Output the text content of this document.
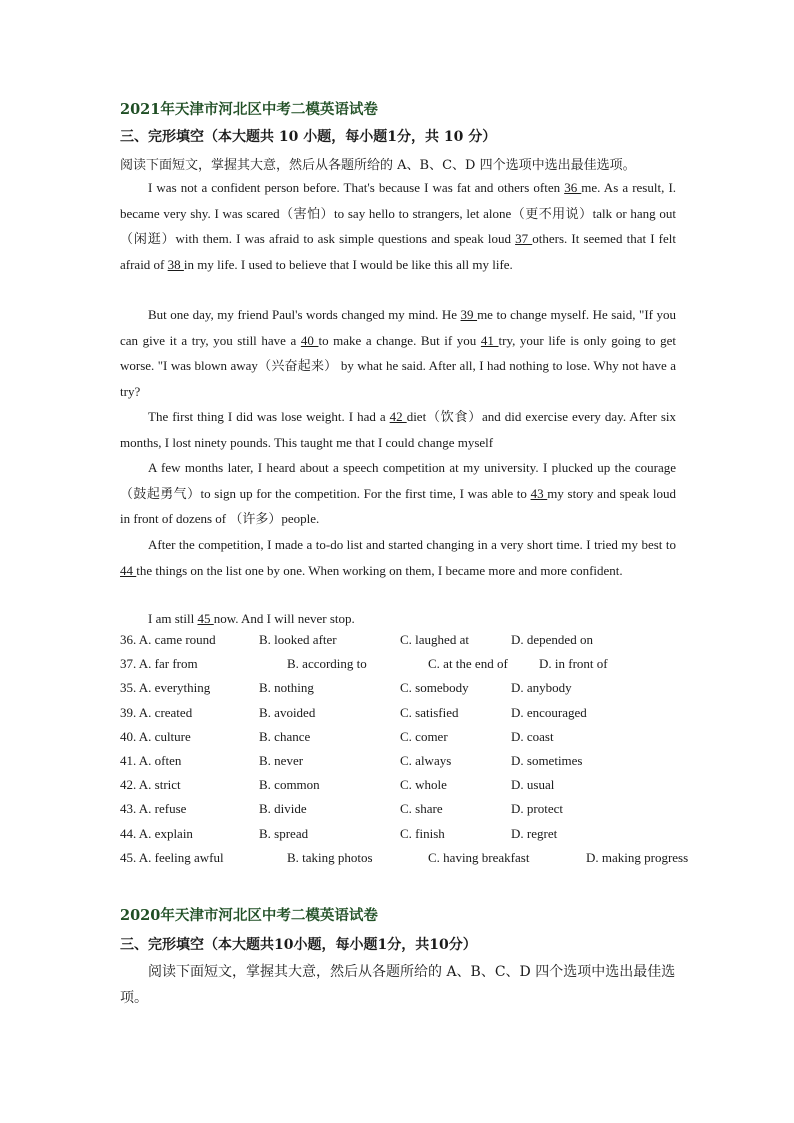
2021年天津市河北区中考二模英语试卷
三、完形填空（本大题共 10 小题，每小题1分，共 10 分）
阅读下面短文，掌握其大意，然后从各题所给的 A、B、C、D 四个选项中选出最佳选项。

I was not a confident person before. That's because I was fat and others often 36 me. As a result, I. became very shy. I was scared（害怕）to say hello to strangers, let alone（更不用说）talk or hang out（闲逛）with them. I was afraid to ask simple questions and speak loud 37 others. It seemed that I felt afraid of 38 in my life. I used to believe that I would be like this all my life.

But one day, my friend Paul's words changed my mind. He 39 me to change myself. He said, "If you can give it a try, you still have a 40 to make a change. But if you 41 try, your life is only going to get worse. "I was blown away（兴奋起来） by what he said. After all, I had nothing to lose. Why not have a try?

The first thing I did was lose weight. I had a 42 diet（饮食）and did exercise every day. After six months, I lost ninety pounds. This taught me that I could change myself

A few months later, I heard about a speech competition at my university. I plucked up the courage（鼓起勇气）to sign up for the competition. For the first time, I was able to 43 my story and speak loud in front of dozens of （许多）people.

After the competition, I made a to-do list and started changing in a very short time. I tried my best to 44 the things on the list one by one. When working on them, I became more and more confident.

I am still 45 now. And I will never stop.

36. A. came round	B. looked after	C. laughed at	D. depended on
37. A. far from	B. according to	C. at the end of D. in front of
35. A. everything	B. nothing	C. somebody	D. anybody
39. A. created	B. avoided	C. satisfied	D. encouraged
40. A. culture	B. chance	C. comer	D. coast
41. A. often	B. never	C. always	D. sometimes
42. A. strict	B. common	C. whole	D. usual
43. A. refuse	B. divide	C. share	D. protect
44. A. explain	B. spread	C. finish	D. regret
45. A. feeling awful	B. taking photos	C. having breakfast	D. making progress
2020年天津市河北区中考二模英语试卷
三、完形填空（本大题共10小题，每小题1分，共10分）
阅读下面短文，掌握其大意，然后从各题所给的 A、B、C、D 四个选项中选出最佳选项。
